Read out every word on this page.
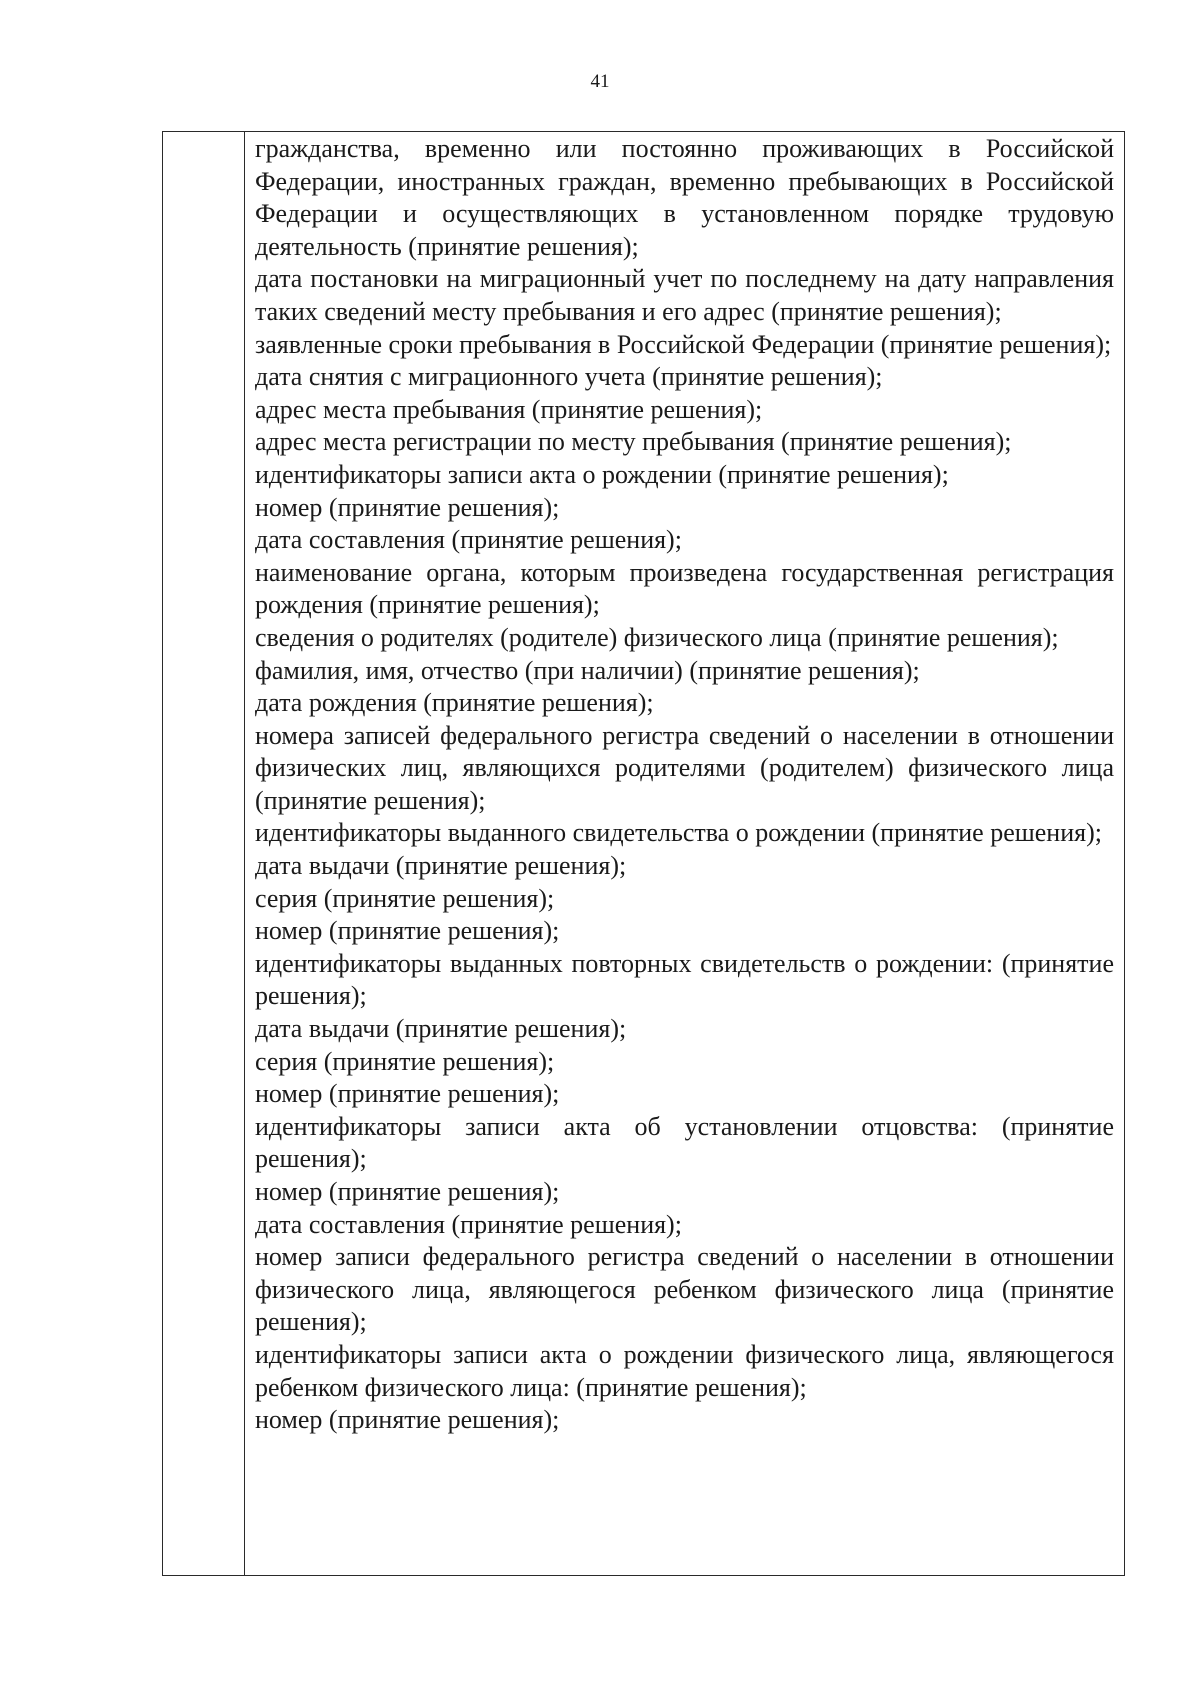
41

гражданства, временно или постоянно проживающих в Российской Федерации, иностранных граждан, временно пребывающих в Российской Федерации и осуществляющих в установленном порядке трудовую деятельность (принятие решения);

дата постановки на миграционный учет по последнему на дату направления таких сведений месту пребывания и его адрес (принятие решения);

заявленные сроки пребывания в Российской Федерации (принятие решения);

дата снятия с миграционного учета (принятие решения);

адрес места пребывания (принятие решения);

адрес места регистрации по месту пребывания (принятие решения);

идентификаторы записи акта о рождении (принятие решения);

номер (принятие решения);

дата составления (принятие решения);

наименование органа, которым произведена государственная регистрация рождения (принятие решения);

сведения о родителях (родителе) физического лица (принятие решения);

фамилия, имя, отчество (при наличии) (принятие решения);

дата рождения (принятие решения);

номера записей федерального регистра сведений о населении в отношении физических лиц, являющихся родителями (родителем) физического лица (принятие решения);

идентификаторы выданного свидетельства о рождении (принятие решения);

дата выдачи (принятие решения);

серия (принятие решения);

номер (принятие решения);

идентификаторы выданных повторных свидетельств о рождении: (принятие решения);

дата выдачи (принятие решения);

серия (принятие решения);

номер (принятие решения);

идентификаторы записи акта об установлении отцовства: (принятие решения);

номер (принятие решения);

дата составления (принятие решения);

номер записи федерального регистра сведений о населении в отношении физического лица, являющегося ребенком физического лица (принятие решения);

идентификаторы записи акта о рождении физического лица, являющегося ребенком физического лица: (принятие решения);

номер (принятие решения);
